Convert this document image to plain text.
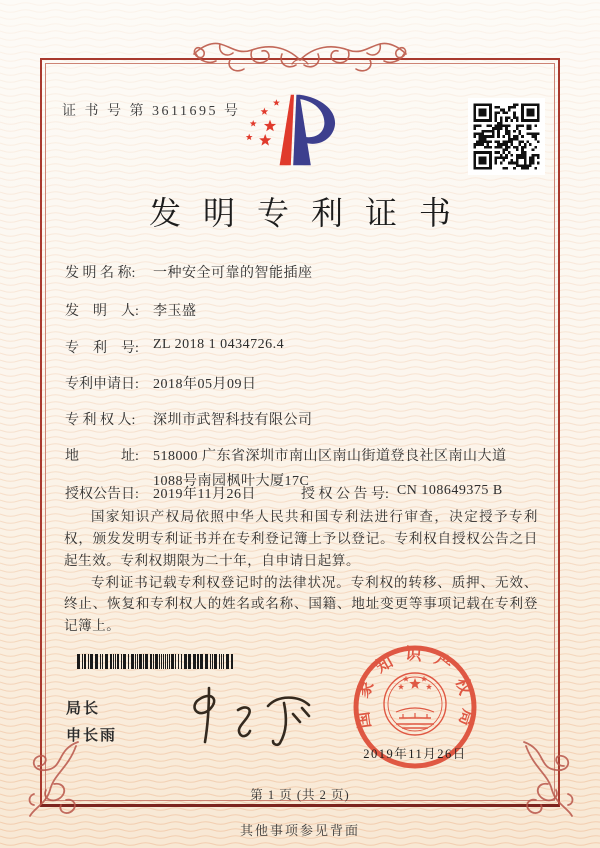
证 书 号 第 3611695 号
发明专利证书
发 明 名 称: 一种安全可靠的智能插座
发　明　人: 李玉盛
专　利　号: ZL 2018 1 0434726.4
专利申请日: 2018年05月09日
专 利 权 人: 深圳市武智科技有限公司
地　　　址: 518000 广东省深圳市南山区南山街道登良社区南山大道1088号南园枫叶大厦17C
授权公告日: 2019年11月26日	授 权 公 告 号: CN 108649375 B

国家知识产权局依照中华人民共和国专利法进行审查，决定授予专利权，颁发发明专利证书并在专利登记簿上予以登记。专利权自授权公告之日起生效。专利权期限为二十年，自申请日起算。

专利证书记载专利权登记时的法律状况。专利权的转移、质押、无效、终止、恢复和专利权人的姓名或名称、国籍、地址变更等事项记载在专利登记簿上。

国家知识产权局
2019年11月26日
局长
申长雨
第 1 页 (共 2 页)
其他事项参见背面
